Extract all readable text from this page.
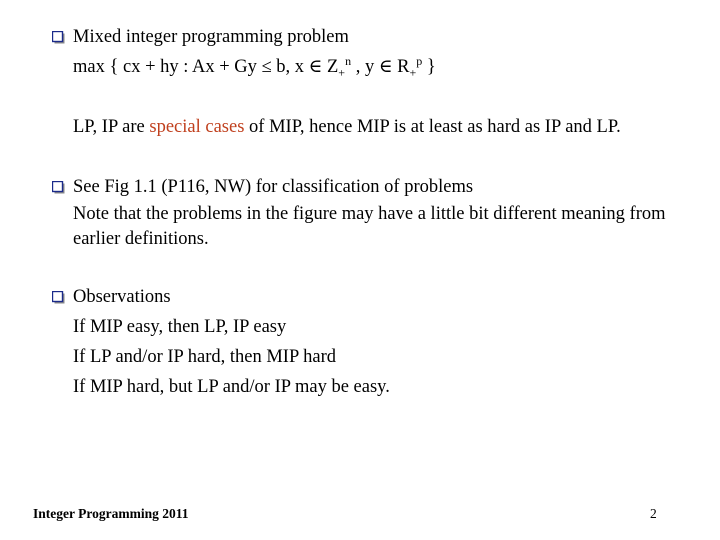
Mixed integer programming problem
max { cx + hy : Ax + Gy ≤ b, x ∈ $Z_+^n$ , y ∈ $R_+^p$ }
LP, IP are special cases of MIP, hence MIP is at least as hard as IP and LP.
See Fig 1.1 (P116, NW) for classification of problems
Note that the problems in the figure may have a little bit different meaning from earlier definitions.
Observations
If MIP easy, then LP, IP easy
If LP and/or IP hard, then MIP hard
If MIP hard, but LP and/or IP may be easy.
Integer Programming 2011	2
